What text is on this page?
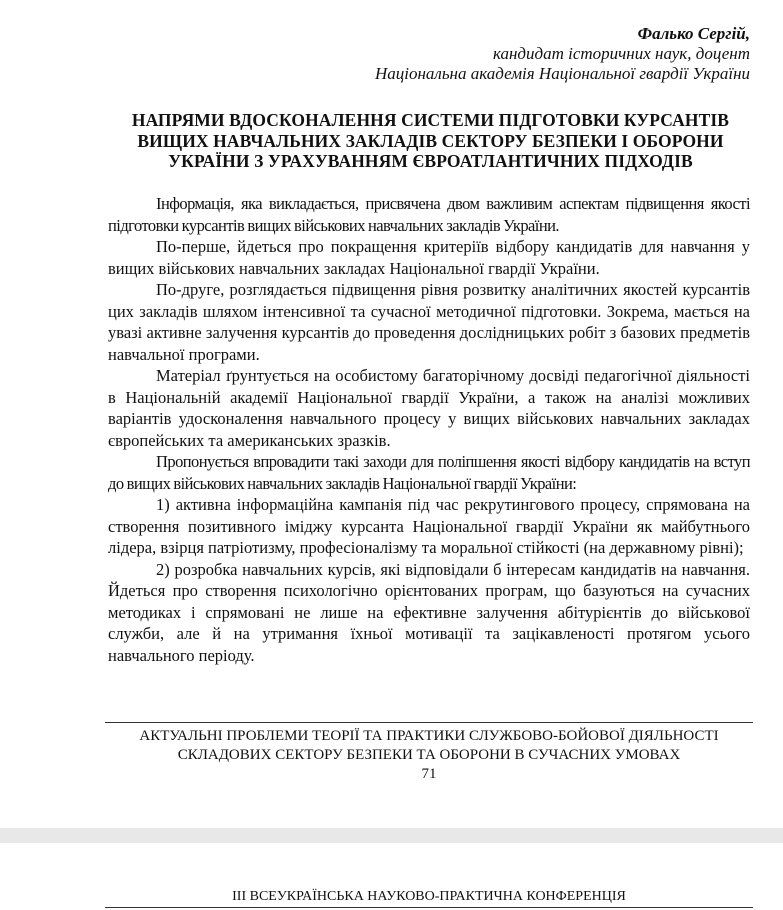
Фалько Сергій,
кандидат історичних наук, доцент
Національна академія Національної гвардії України
НАПРЯМИ ВДОСКОНАЛЕННЯ СИСТЕМИ ПІДГОТОВКИ КУРСАНТІВ ВИЩИХ НАВЧАЛЬНИХ ЗАКЛАДІВ СЕКТОРУ БЕЗПЕКИ І ОБОРОНИ УКРАЇНИ З УРАХУВАННЯМ ЄВРОАТЛАНТИЧНИХ ПІДХОДІВ

Інформація, яка викладається, присвячена двом важливим аспектам підвищення якості підготовки курсантів вищих військових навчальних закладів України.

По-перше, йдеться про покращення критеріїв відбору кандидатів для навчання у вищих військових навчальних закладах Національної гвардії України.

По-друге, розглядається підвищення рівня розвитку аналітичних якостей курсантів цих закладів шляхом інтенсивної та сучасної методичної підготовки. Зокрема, мається на увазі активне залучення курсантів до проведення дослідницьких робіт з базових предметів навчальної програми.

Матеріал ґрунтується на особистому багаторічному досвіді педагогічної діяльності в Національній академії Національної гвардії України, а також на аналізі можливих варіантів удосконалення навчального процесу у вищих військових навчальних закладах європейських та американських зразків.

Пропонується впровадити такі заходи для поліпшення якості відбору кандидатів на вступ до вищих військових навчальних закладів Національної гвардії України:

1) активна інформаційна кампанія під час рекрутингового процесу, спрямована на створення позитивного іміджу курсанта Національної гвардії України як майбутнього лідера, взірця патріотизму, професіоналізму та моральної стійкості (на державному рівні);

2) розробка навчальних курсів, які відповідали б інтересам кандидатів на навчання. Йдеться про створення психологічно орієнтованих програм, що базуються на сучасних методиках і спрямовані не лише на ефективне залучення абітурієнтів до військової служби, але й на утримання їхньої мотивації та зацікавленості протягом усього навчального періоду.

АКТУАЛЬНІ ПРОБЛЕМИ ТЕОРІЇ ТА ПРАКТИКИ СЛУЖБОВО-БОЙОВОЇ ДІЯЛЬНОСТІ
СКЛАДОВИХ СЕКТОРУ БЕЗПЕКИ ТА ОБОРОНИ В СУЧАСНИХ УМОВАХ
71
ІІІ ВСЕУКРАЇНСЬКА НАУКОВО-ПРАКТИЧНА КОНФЕРЕНЦІЯ
